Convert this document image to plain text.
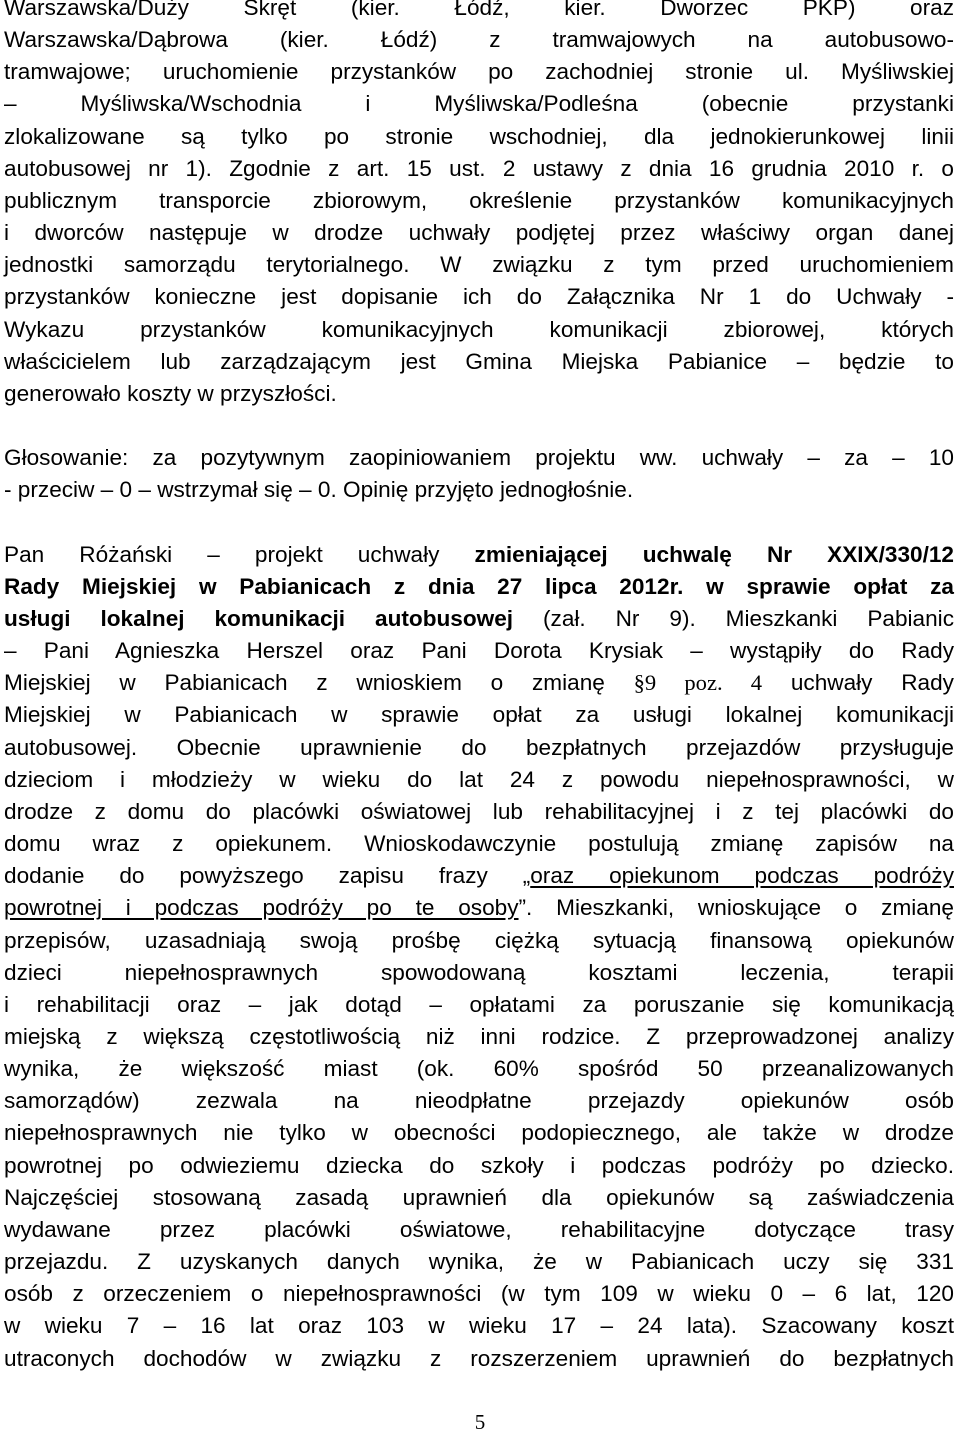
Warszawska/Duży Skręt (kier. Łódź, kier. Dworzec PKP) oraz

Warszawska/Dąbrowa (kier. Łódź) z tramwajowych na autobusowo-

tramwajowe; uruchomienie przystanków po zachodniej stronie ul. Myśliwskiej

– Myśliwska/Wschodnia i Myśliwska/Podleśna (obecnie przystanki

zlokalizowane są tylko po stronie wschodniej, dla jednokierunkowej linii

autobusowej nr 1). Zgodnie z art. 15 ust. 2 ustawy z dnia 16 grudnia 2010 r. o

publicznym transporcie zbiorowym, określenie przystanków komunikacyjnych

i dworców następuje w drodze uchwały podjętej przez właściwy organ danej

jednostki samorządu terytorialnego. W związku z tym przed uruchomieniem

przystanków konieczne jest dopisanie ich do Załącznika Nr 1 do Uchwały -

Wykazu przystanków komunikacyjnych komunikacji zbiorowej, których

właścicielem lub zarządzającym jest Gmina Miejska Pabianice – będzie to

generowało koszty w przyszłości.

Głosowanie: za pozytywnym zaopiniowaniem projektu ww. uchwały – za – 10

- przeciw – 0 – wstrzymał się – 0. Opinię przyjęto jednogłośnie.

Pan Różański – projekt uchwały zmieniającej uchwalę Nr XXIX/330/12

Rady Miejskiej w Pabianicach z dnia 27 lipca 2012r. w sprawie opłat za

usługi lokalnej komunikacji autobusowej (zał. Nr 9). Mieszkanki Pabianic

– Pani Agnieszka Herszel oraz Pani Dorota Krysiak – wystąpiły do Rady

Miejskiej w Pabianicach z wnioskiem o zmianę §9 poz. 4 uchwały Rady

Miejskiej w Pabianicach w sprawie opłat za usługi lokalnej komunikacji

autobusowej. Obecnie uprawnienie do bezpłatnych przejazdów przysługuje

dzieciom i młodzieży w wieku do lat 24 z powodu niepełnosprawności, w

drodze z domu do placówki oświatowej lub rehabilitacyjnej i z tej placówki do

domu wraz z opiekunem. Wnioskodawczynie postulują zmianę zapisów na

dodanie do powyższego zapisu frazy „oraz opiekunom podczas podróży

powrotnej i podczas podróży po te osoby”. Mieszkanki, wnioskujące o zmianę

przepisów, uzasadniają swoją prośbę ciężką sytuacją finansową opiekunów

dzieci niepełnosprawnych spowodowaną kosztami leczenia, terapii

i rehabilitacji oraz – jak dotąd – opłatami za poruszanie się komunikacją

miejską z większą częstotliwością niż inni rodzice. Z przeprowadzonej analizy

wynika, że większość miast (ok. 60% spośród 50 przeanalizowanych

samorządów) zezwala na nieodpłatne przejazdy opiekunów osób

niepełnosprawnych nie tylko w obecności podopiecznego, ale także w drodze

powrotnej po odwieziemu dziecka do szkoły i podczas podróży po dziecko.

Najczęściej stosowaną zasadą uprawnień dla opiekunów są zaświadczenia

wydawane przez placówki oświatowe, rehabilitacyjne dotyczące trasy

przejazdu. Z uzyskanych danych wynika, że w Pabianicach uczy się 331

osób z orzeczeniem o niepełnosprawności (w tym 109 w wieku 0 – 6 lat, 120

w wieku 7 – 16 lat oraz 103 w wieku 17 – 24 lata). Szacowany koszt

utraconych dochodów w związku z rozszerzeniem uprawnień do bezpłatnych

5
